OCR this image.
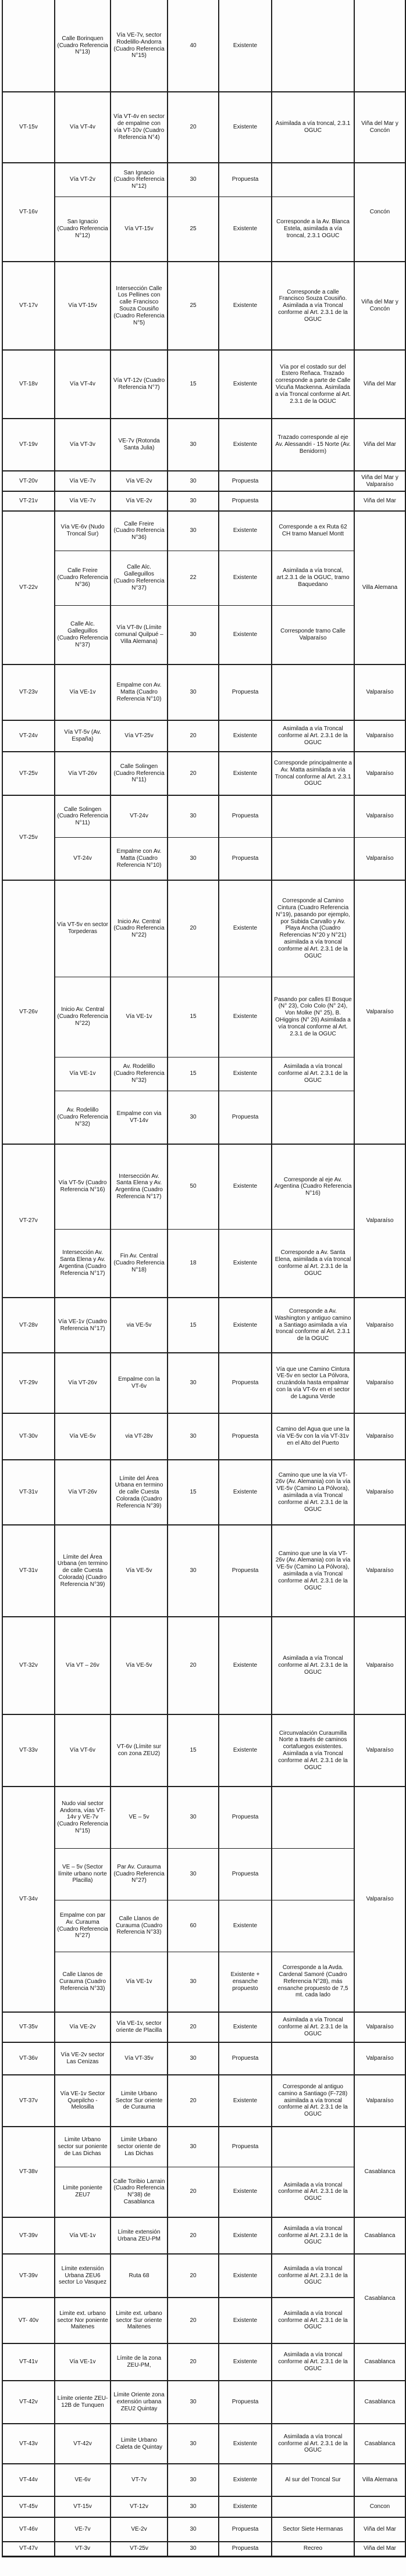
	Calle Borinquen (Cuadro Referencia N°13)	Vía VE-7v, sector Rodelillo-Andorra (Cuadro Referencia N°15)	40	Existente		
VT-15v	Vía VT-4v	Vía VT-4v en sector de empalme con vía VT-10v (Cuadro Referencia N°4)	20	Existente	Asimilada a vía troncal, 2.3.1 OGUC	Viña del Mar y Concón
VT-16v	Vía VT-2v	San Ignacio (Cuadro Referencia N°12)	30	Propuesta		Concón
	San Ignacio (Cuadro Referencia N°12)	Vía VT-15v	25	Existente	Corresponde a la Av. Blanca Estela, asimilada a vía troncal, 2.3.1 OGUC	
VT-17v	Vía VT-15v	Intersección Calle Los Pellines con calle Francisco Souza Cousiño (Cuadro Referencia N°5)	25	Existente	Corresponde a calle Francisco Souza Cousiño. Asimilada a vía Troncal conforme al Art. 2.3.1 de la OGUC	Viña del Mar y Concón
VT-18v	Vía VT-4v	Vía VT-12v (Cuadro Referencia N°7)	15	Existente	Vía por el costado sur del Estero Reñaca. Trazado corresponde a parte de Calle Vicuña Mackenna. Asimilada a vía Troncal conforme al Art. 2.3.1 de la OGUC	Viña del Mar
VT-19v	Vía VT-3v	VE-7v (Rotonda Santa Julia)	30	Existente	Trazado corresponde al eje Av. Alessandri - 15 Norte (Av. Benidorm)	Viña del Mar
VT-20v	Vía VE-7v	Vía VE-2v	30	Propuesta		Viña del Mar y Valparaíso
VT-21v	Vía VE-7v	Vía VE-2v	30	Propuesta		Viña del Mar
VT-22v	Vía VE-6v (Nudo Troncal Sur)	Calle Freire (Cuadro Referencia N°36)	30	Existente	Corresponde a ex Ruta 62 CH tramo Manuel Montt	Villa Alemana
	Calle Freire (Cuadro Referencia N°36)	Calle Alc. Galleguillos (Cuadro Referencia N°37)	22	Existente	Asimilada a vía troncal, art.2.3.1 de la OGUC, tramo Baquedano	
	Calle Alc. Galleguillos (Cuadro Referencia N°37)	Vía VT-8v (Límite comunal Quilpué – Villa Alemana)	30	Existente	Corresponde tramo Calle Valparaíso	
VT-23v	Vía VE-1v	Empalme con Av. Matta (Cuadro Referencia N°10)	30	Propuesta		Valparaíso
VT-24v	Vía VT-5v (Av. España)	Vía VT-25v	20	Existente	Asimilada a vía Troncal conforme al Art. 2.3.1 de la OGUC	Valparaíso
VT-25v	Vía VT-26v	Calle Solingen (Cuadro Referencia N°11)	20	Existente	Corresponde principalmente a Av. Matta asimilada a vía Troncal conforme al Art. 2.3.1 OGUC	Valparaíso
VT-25v	Calle Solingen (Cuadro Referencia N°11)	VT-24v	30	Propuesta		Valparaíso
	VT-24v	Empalme con Av. Matta (Cuadro Referencia N°10)	30	Propuesta		Valparaíso
VT-26v	Vía VT-5v en sector Torpederas	Inicio Av. Central (Cuadro Referencia N°22)	20	Existente	Corresponde al Camino Cintura (Cuadro Referencia N°19), pasando por ejemplo, por Subida Carvallo y Av. Playa Ancha (Cuadro Referencias N°20 y N°21) asimilada a vía troncal conforme al Art. 2.3.1 de la OGUC	Valparaíso
	Inicio Av. Central (Cuadro Referencia N°22)	Vía VE-1v	15	Existente	Pasando por calles El Bosque (N° 23), Colo Colo (N° 24), Von Molke (N° 25), B. OHiggins (N° 26) Asimilada a vía troncal conforme al Art. 2.3.1 de la OGUC	
	Vía VE-1v	Av. Rodelillo (Cuadro Referencia N°32)	15	Existente	Asimilada a vía troncal conforme al Art. 2.3.1 de la OGUC	
	Av. Rodelillo (Cuadro Referencia N°32)	Empalme con via VT-14v	30	Propuesta		
VT-27v	Vía VT-5v (Cuadro Referencia N°16)	Intersección Av. Santa Elena y Av. Argentina (Cuadro Referencia N°17)	50	Existente	Corresponde al eje Av. Argentina (Cuadro Referencia N°16)	Valparaíso
	Intersección Av. Santa Elena y Av. Argentina (Cuadro Referencia N°17)	Fin Av. Central (Cuadro Referencia N°18)	18	Existente	Corresponde a Av. Santa Elena, asimilada a vía troncal conforme al Art. 2.3.1 de la OGUC	
VT-28v	Vía VE-1v (Cuadro Referencia N°17)	via VE-5v	15	Existente	Corresponde a Av. Washington y antiguo camino a Santiago asimilada a vía troncal conforme al Art. 2.3.1 de la OGUC	Valparaíso
VT-29v	Vía VT-26v	Empalme con la VT-6v	30	Propuesta	Vía que une Camino Cintura VE-5v en sector La Pólvora, cruzándola hasta empalmar con la vía VT-6v en el sector de Laguna Verde	Valparaíso
VT-30v	Vía VE-5v	via VT-28v	30	Propuesta	Camino del Agua que une la vía VE-5v con la vía VT-31v en el Alto del Puerto	Valparaíso
VT-31v	Vía VT-26v	Límite del Área Urbana en termino de calle Cuesta Colorada (Cuadro Referencia N°39)	15	Existente	Camino que une la vía VT-26v (Av. Alemania) con la vía VE-5v (Camino La Pólvora), asimilada a vía Troncal conforme al Art. 2.3.1 de la OGUC	Valparaíso
VT-31v	Límite del Área Urbana (en termino de calle Cuesta Colorada) (Cuadro Referencia N°39)	Vía VE-5v	30	Propuesta	Camino que une la vía VT-26v (Av. Alemania) con la vía VE-5v (Camino La Pólvora), asimilada a vía Troncal conforme al Art. 2.3.1 de la OGUC	Valparaíso
VT-32v	Vía VT – 26v	Vía VE-5v	20	Existente	Asimilada a vía Troncal conforme al Art. 2.3.1 de la OGUC	Valparaíso
VT-33v	Vía VT-6v	VT-6v (Límite sur con zona ZEU2)	15	Existente	Circunvalación Curaumilla Norte a través de caminos cortafuegos existentes. Asimilada a vía Troncal conforme al Art. 2.3.1 de la OGUC	Valparaíso
VT-34v	Nudo vial sector Andorra, vías VT-14v y VE-7v (Cuadro Referencia N°15)	VE – 5v	30	Propuesta		Valparaíso
	VE – 5v (Sector límite urbano norte Placilla)	Par Av. Curauma (Cuadro Referencia N°27)	30	Propuesta		
	Empalme con par Av. Curauma (Cuadro Referencia N°27)	Calle Llanos de Curauma (Cuadro Referencia N°33)	60	Existente		
	Calle Llanos de Curauma (Cuadro Referencia N°33)	Vía VE-1v	30	Existente + ensanche propuesto	Corresponde a la Avda. Cardenal Samoré (Cuadro Referencia N°28), más ensanche propuesto de 7,5 mt. cada lado	
VT-35v	Vía VE-2v	Vía VE-1v, sector oriente de Placilla	20	Existente	Asimilada a vía Troncal conforme al Art. 2.3.1 de la OGUC	Valparaíso
VT-36v	Vía VE-2v sector Las Cenizas	Vía VT-35v	30	Propuesta		Valparaíso
VT-37v	Vía VE-1v Sector Quepilcho - Melosilla	Limite Urbano Sector Sur oriente de Curauma	20	Existente	Corresponde al antiguo camino a Santiago (F-728) asimilada a vía troncal conforme al Art. 2.3.1 de la OGUC	Valparaíso
VT-38v	Limite Urbano sector sur poniente de Las Dichas	Limite Urbano sector oriente de Las Dichas	30	Propuesta		Casablanca
	Limite poniente ZEU7	Calle Toribio Larrain (Cuadro Referencia N°38) de Casablanca	20	Existente	Asimilada a vía troncal conforme al Art. 2.3.1 de la OGUC	
VT-39v	Vía VE-1v	Límite extensión Urbana ZEU-PM	20	Existente	Asimilada a vía troncal conforme al Art. 2.3.1 de la OGUC	Casablanca
VT-39v	Límite extensión Urbana ZEU6 sector Lo Vasquez	Ruta 68	20	Existente	Asimilada a vía troncal conforme al Art. 2.3.1 de la OGUC	Casablanca
VT- 40v	Limite ext. urbano sector Nor poniente Maitenes	Limite ext. urbano sector Sur oriente Maitenes	20	Existente	Asimilada a vía troncal conforme al Art. 2.3.1 de la OGUC	
VT-41v	Vía VE-1v	Límite de la zona ZEU-PM,	20	Existente	Asimilada a vía troncal conforme al Art. 2.3.1 de la OGUC	Casablanca
VT-42v	Límite oriente ZEU-12B de Tunquen	Límite Oriente zona extensión urbana ZEU2 Quintay	30	Propuesta		Casablanca
VT-43v	VT-42v	Limite Urbano Caleta de Quintay	30	Existente	Asimilada a vía troncal conforme al Art. 2.3.1 de la OGUC	Casablanca
VT-44v	VE-6v	VT-7v	30	Existente	Al sur del Troncal Sur	Villa Alemana
VT-45v	VT-15v	VT-12v	30	Existente		Concon
VT-46v	VE-7v	VE-2v	30	Propuesta	Sector Siete Hermanas	Viña del Mar
VT-47v	VT-3v	VT-25v	30	Propuesta	Recreo	Viña del Mar
